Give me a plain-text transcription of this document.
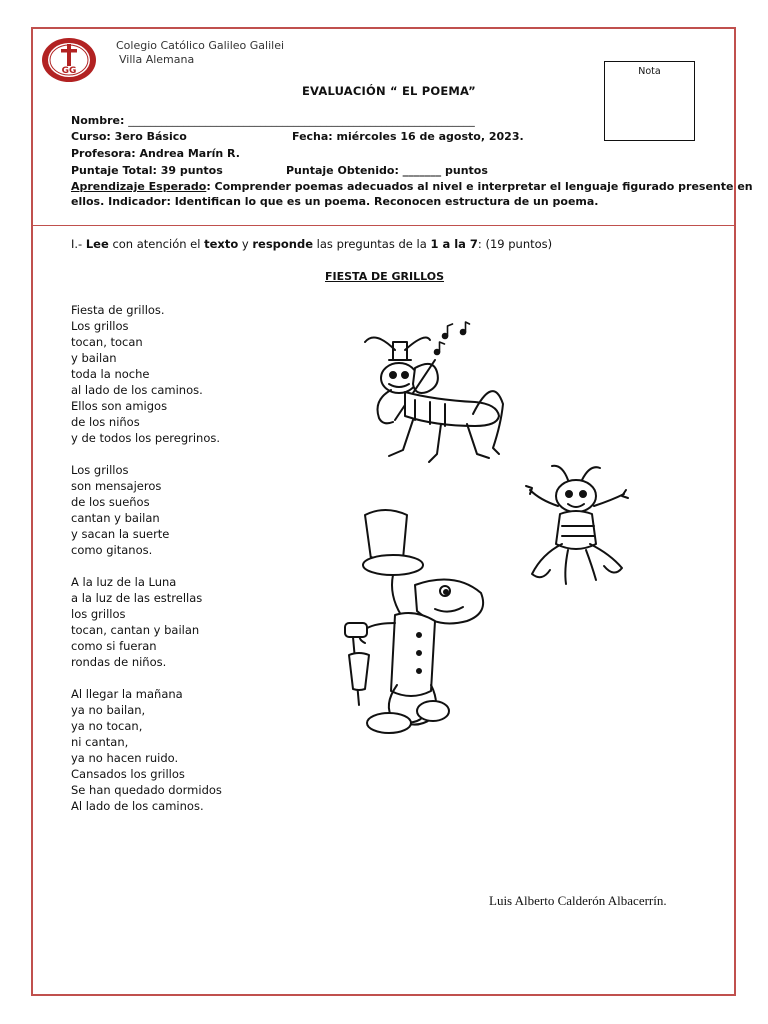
GG
Colegio Católico Galileo Galilei
Villa Alemana
EVALUACIÓN “ EL POEMA”
Nota
Nombre: _______________________________________________________________
Curso: 3ero Básico	Fecha: miércoles 16 de agosto, 2023.
Profesora: Andrea Marín R.
Puntaje Total: 39 puntos	Puntaje Obtenido: _______ puntos
Aprendizaje Esperado: Comprender poemas adecuados al nivel e interpretar el lenguaje figurado presente en
ellos. Indicador: Identifican lo que es un poema. Reconocen estructura de un poema.
I.- Lee con atención el texto y responde las preguntas de la 1 a la 7: (19 puntos)
FIESTA DE GRILLOS
Fiesta de grillos.
Los grillos
tocan, tocan
y bailan
toda la noche
al lado de los caminos.
Ellos son amigos
de los niños
y de todos los peregrinos.
Los grillos
son mensajeros
de los sueños
cantan y bailan
y sacan la suerte
como gitanos.
A la luz de la Luna
a la luz de las estrellas
los grillos
tocan, cantan y bailan
como si fueran
rondas de niños.
Al llegar la mañana
ya no bailan,
ya no tocan,
ni cantan,
ya no hacen ruido.
Cansados los grillos
Se han quedado dormidos
Al lado de los caminos.
Luis Alberto Calderón Albacerrín.
